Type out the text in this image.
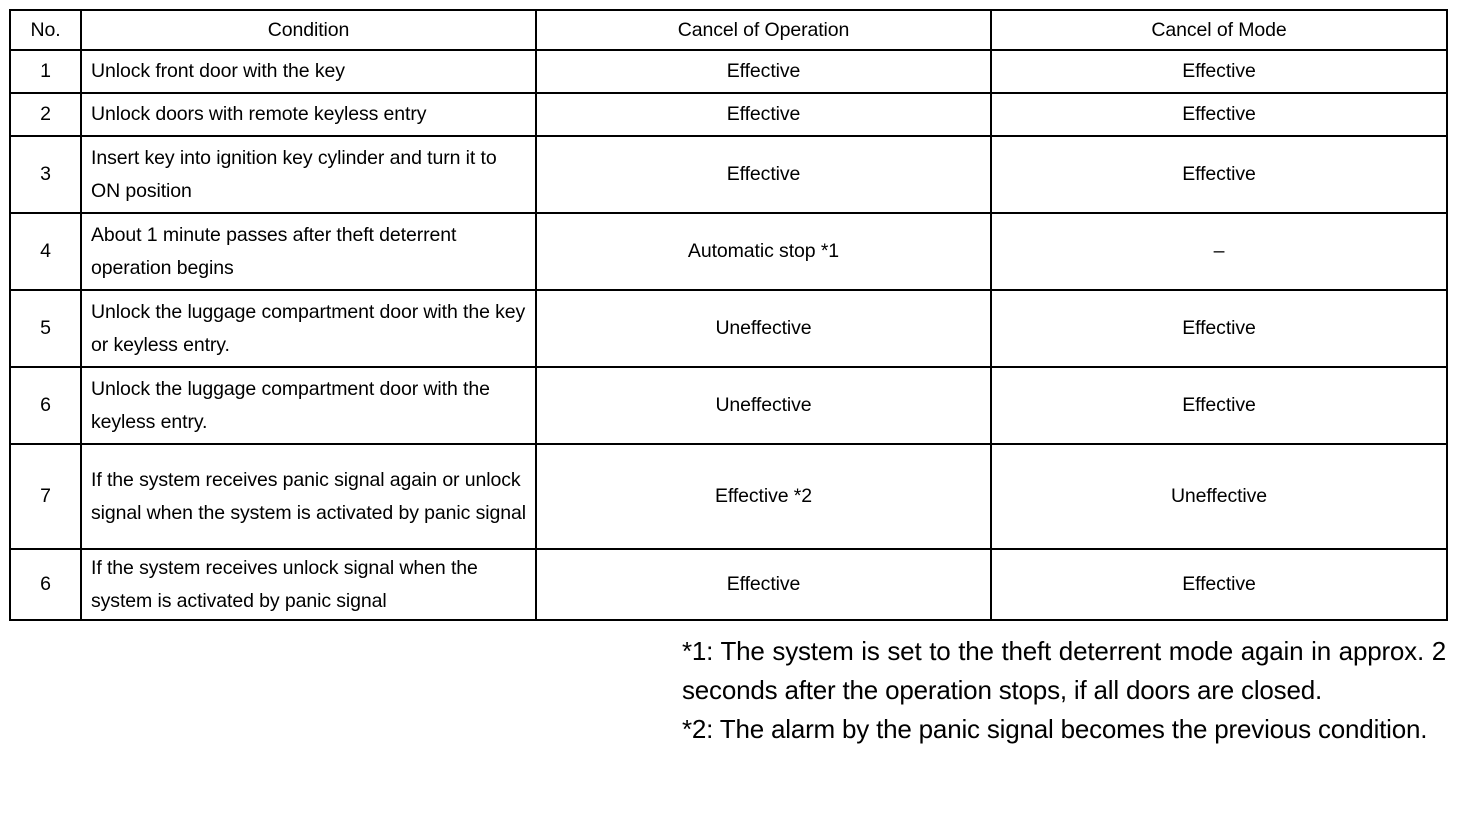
No.	Condition	Cancel of Operation	Cancel of Mode
1	Unlock front door with the key	Effective	Effective
2	Unlock doors with remote keyless entry	Effective	Effective
3	Insert key into ignition key cylinder and turn it to ON position	Effective	Effective
4	About 1 minute passes after theft deterrent operation begins	Automatic stop *1	–
5	Unlock the luggage compartment door with the key or keyless entry.	Uneffective	Effective
6	Unlock the luggage compartment door with the keyless entry.	Uneffective	Effective
7	If the system receives panic signal again or unlock signal when the system is activated by panic signal	Effective *2	Uneffective
6	If the system receives unlock signal when the system is activated by panic signal	Effective	Effective

*1: The system is set to the theft deterrent mode again in approx. 2 seconds after the operation stops, if all doors are closed.

*2: The alarm by the panic signal becomes the previous condition.
